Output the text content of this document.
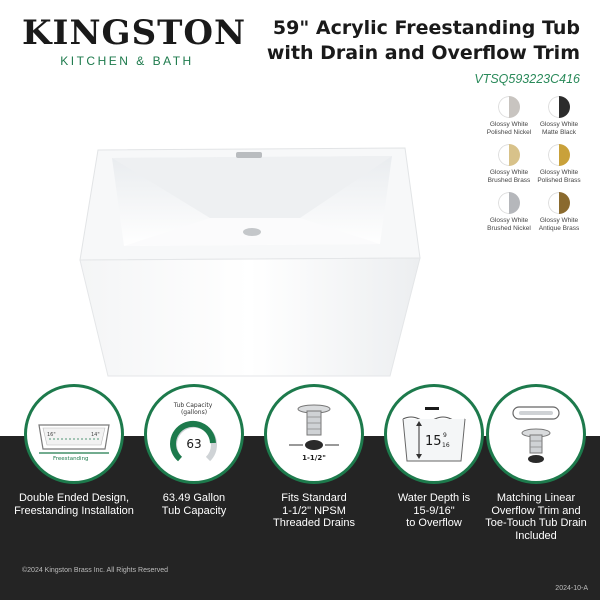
KINGSTON
KITCHEN & BATH
59" Acrylic Freestanding Tub
with Drain and Overflow Trim
VTSQ593223C416
Glossy White
Polished Nickel
Glossy White
Matte Black
Glossy White
Brushed Brass
Glossy White
Polished Brass
Glossy White
Brushed Nickel
Glossy White
Antique Brass
16"	14"
Freestanding
Double Ended Design,
Freestanding Installation
Tub Capacity (gallons)
63
63.49 Gallon
Tub Capacity
1-1/2"
Fits Standard
1-1/2" NPSM
Threaded Drains
15 9
16
Water Depth is
15-9/16"
to Overflow
Matching Linear
Overflow Trim and
Toe-Touch Tub Drain
Included
©2024 Kingston Brass Inc. All Rights Reserved
2024-10-A
